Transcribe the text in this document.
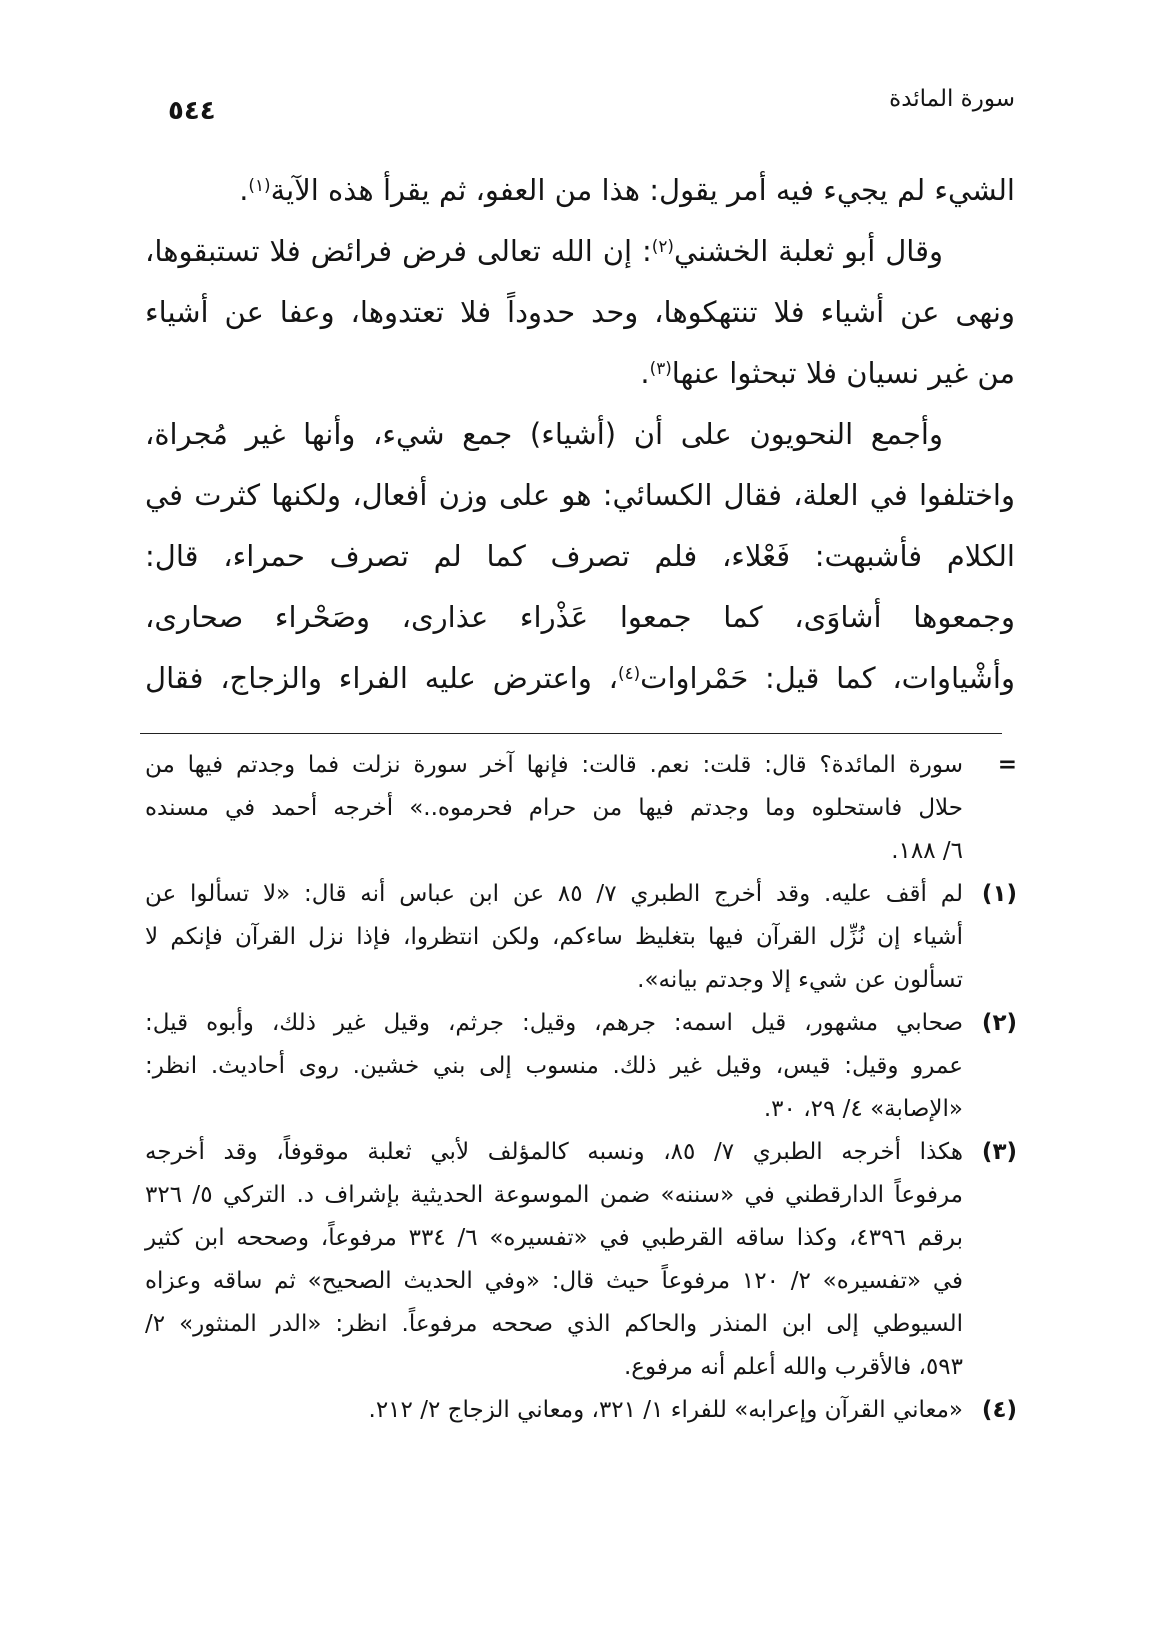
٥٤٤	سورة المائدة
الشيء لم يجيء فيه أمر يقول: هذا من العفو، ثم يقرأ هذه الآية$^{(١)}$.
وقال أبو ثعلبة الخشني$^{(٢)}$: إن الله تعالى فرض فرائض فلا تستبقوها،
ونهى عن أشياء فلا تنتهكوها، وحد حدوداً فلا تعتدوها، وعفا عن أشياء
من غير نسيان فلا تبحثوا عنها$^{(٣)}$.
وأجمع النحويون على أن (أشياء) جمع شيء، وأنها غير مُجراة،
واختلفوا في العلة، فقال الكسائي: هو على وزن أفعال، ولكنها كثرت في
الكلام فأشبهت: فَعْلاء، فلم تصرف كما لم تصرف حمراء، قال:
وجمعوها أشاوَى، كما جمعوا عَذْراء عذارى، وصَحْراء صحارى،
وأشْياوات، كما قيل: حَمْراوات$^{(٤)}$، واعترض عليه الفراء والزجاج، فقال
=
سورة المائدة؟ قال: قلت: نعم. قالت: فإنها آخر سورة نزلت فما وجدتم فيها من
حلال فاستحلوه وما وجدتم فيها من حرام فحرموه..» أخرجه أحمد في مسنده
٦/ ١٨٨.
(١)
لم أقف عليه. وقد أخرج الطبري ٧/ ٨٥ عن ابن عباس أنه قال: «لا تسألوا عن
أشياء إن نُزِّل القرآن فيها بتغليظ ساءكم، ولكن انتظروا، فإذا نزل القرآن فإنكم لا
تسألون عن شيء إلا وجدتم بيانه».
(٢)
صحابي مشهور، قيل اسمه: جرهم، وقيل: جرثم، وقيل غير ذلك، وأبوه قيل:
عمرو وقيل: قيس، وقيل غير ذلك. منسوب إلى بني خشين. روى أحاديث. انظر:
«الإصابة» ٤/ ٢٩، ٣٠.
(٣)
هكذا أخرجه الطبري ٧/ ٨٥، ونسبه كالمؤلف لأبي ثعلبة موقوفاً، وقد أخرجه
مرفوعاً الدارقطني في «سننه» ضمن الموسوعة الحديثية بإشراف د. التركي ٥/ ٣٢٦
برقم ٤٣٩٦، وكذا ساقه القرطبي في «تفسيره» ٦/ ٣٣٤ مرفوعاً، وصححه ابن كثير
في «تفسيره» ٢/ ١٢٠ مرفوعاً حيث قال: «وفي الحديث الصحيح» ثم ساقه وعزاه
السيوطي إلى ابن المنذر والحاكم الذي صححه مرفوعاً. انظر: «الدر المنثور» ٢/
٥٩٣، فالأقرب والله أعلم أنه مرفوع.
(٤)
«معاني القرآن وإعرابه» للفراء ١/ ٣٢١، ومعاني الزجاج ٢/ ٢١٢.
